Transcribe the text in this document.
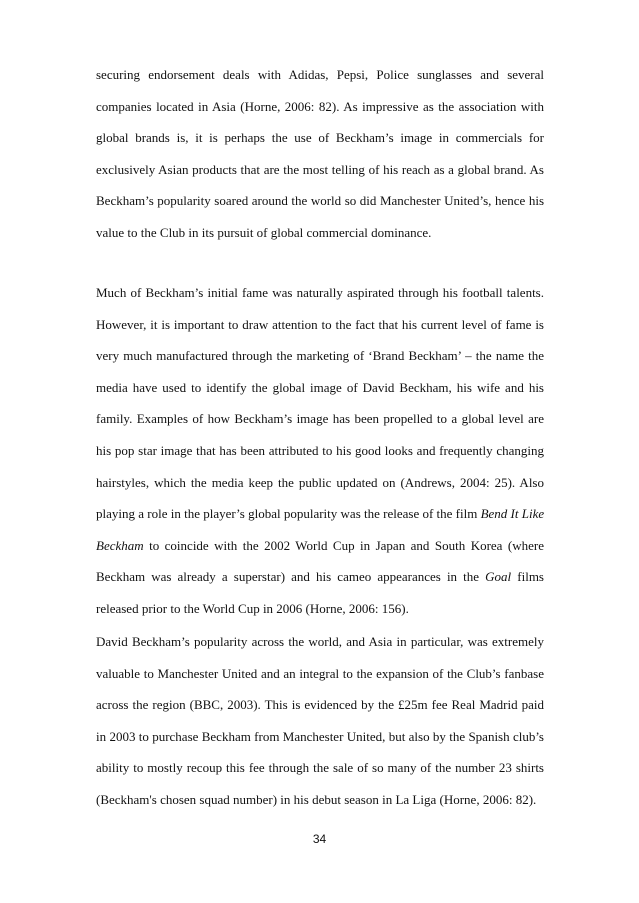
securing endorsement deals with Adidas, Pepsi, Police sunglasses and several
companies located in Asia (Horne, 2006: 82). As impressive as the association with
global brands is, it is perhaps the use of Beckham’s image in commercials for
exclusively Asian products that are the most telling of his reach as a global brand. As
Beckham’s popularity soared around the world so did Manchester United’s, hence his
value to the Club in its pursuit of global commercial dominance.
Much of Beckham’s initial fame was naturally aspirated through his football talents.
However, it is important to draw attention to the fact that his current level of fame is
very much manufactured through the marketing of ‘Brand Beckham’ – the name the
media have used to identify the global image of David Beckham, his wife and his
family. Examples of how Beckham’s image has been propelled to a global level are
his pop star image that has been attributed to his good looks and frequently changing
hairstyles, which the media keep the public updated on (Andrews, 2004: 25). Also
playing a role in the player’s global popularity was the release of the film Bend It Like
Beckham to coincide with the 2002 World Cup in Japan and South Korea (where
Beckham was already a superstar) and his cameo appearances in the Goal films
released prior to the World Cup in 2006 (Horne, 2006: 156).
David Beckham’s popularity across the world, and Asia in particular, was extremely
valuable to Manchester United and an integral to the expansion of the Club’s fanbase
across the region (BBC, 2003). This is evidenced by the £25m fee Real Madrid paid
in 2003 to purchase Beckham from Manchester United, but also by the Spanish club’s
ability to mostly recoup this fee through the sale of so many of the number 23 shirts
(Beckham's chosen squad number) in his debut season in La Liga (Horne, 2006: 82).
34
